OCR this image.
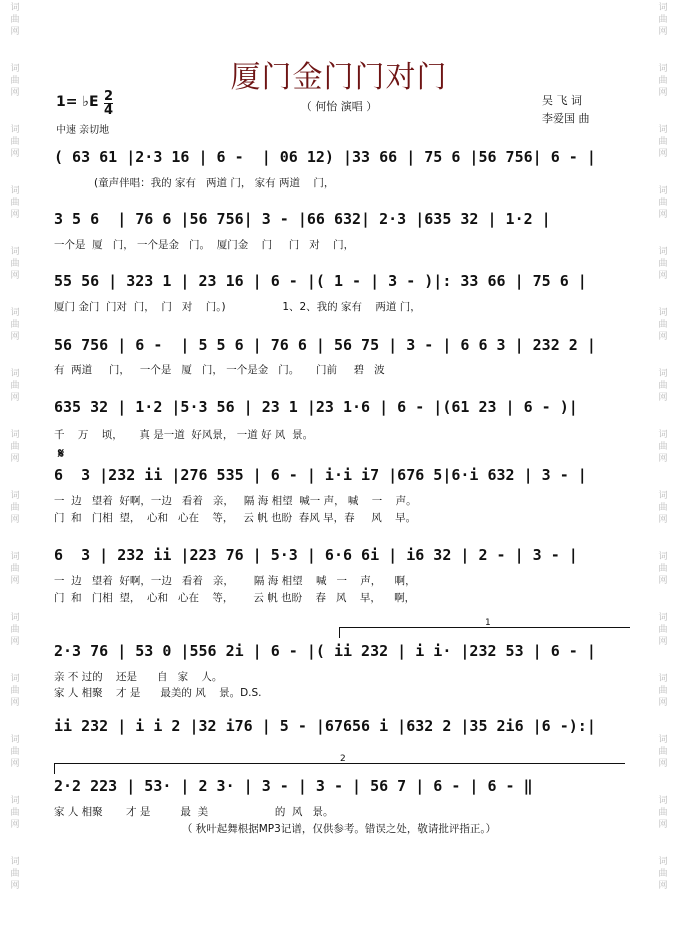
词
曲
网
词
曲
网
词
曲
网
词
曲
网
词
曲
网
词
曲
网
词
曲
网
词
曲
网
词
曲
网
词
曲
网
词
曲
网
词
曲
网
词
曲
网
词
曲
网
词
曲
网
词
曲
网
词
曲
网
词
曲
网
词
曲
网
词
曲
网
词
曲
网
词
曲
网
词
曲
网
词
曲
网
词
曲
网
词
曲
网
词
曲
网
词
曲
网
词
曲
网
词
曲
网
厦门金门门对门
（ 何怡 演唱 ）
1= ♭E 2
4
中速 亲切地
吴 飞 词
李爱国 曲
( 63 61 |2·3 16 | 6 -  | 06 12) |33 66 | 75 6 |56 756| 6 - |
(童声伴唱：我的 家有   两道 门， 家有 两道    门，
3 5 6  | 76 6 |56 756| 3 - |66 632| 2·3 |635 32 | 1·2 |
一个是  厦   门， 一个是金   门。  厦门金    门     门   对    门，
55 56 | 323 1 | 23 16 | 6 - |( 1 - | 3 - )|: 33 66 | 75 6 |
厦门 金门  门对  门，  门   对    门。)                 1、2、我的 家有    两道 门，
56 756 | 6 -  | 5 5 6 | 76 6 | 56 75 | 3 - | 6 6 3 | 232 2 |
有  两道     门，   一个是   厦   门， 一个是金   门。     门前     碧   波
635 32 | 1·2 |5·3 56 | 23 1 |23 1·6 | 6 - |(61 23 | 6 - )|
千    万    顷，     真 是一道  好风景， 一道 好 风  景。
𝄋
6  3 |232 ii |276 535 | 6 - | i·i i7 |676 5|6·i 632 | 3 - |
一  边   望着  好啊，一边   看着   亲，   隔 海 相望  喊一 声， 喊    一    声。
门  和   门相  望，  心和   心在    等，   云 帆 也盼  春风 早，春     风    早。
6  3 | 232 ii |223 76 | 5·3 | 6·6 6i | i6 32 | 2 - | 3 - |
一  边   望着  好啊，一边   看着   亲，      隔 海 相望    喊   一    声，    啊，
门  和   门相  望，  心和   心在    等，      云 帆 也盼    春   风    早，    啊，
1
2·3 76 | 53 0 |556 2i | 6 - |( ii 232 | i i· |232 53 | 6 - |
亲 不 过的    还是      自   家    人。
家 人 相聚    才 是      最美的 风    景。D.S.
ii 232 | i i 2 |32 i76 | 5 - |67656 i |632 2 |35 2i6 |6 -):|
2
2·2 223 | 53· | 2 3· | 3 - | 3 - | 56 7 | 6 - | 6 - ‖
家 人 相聚       才 是         最  美                    的  风   景。
（ 秋叶起舞根据MP3记谱，仅供参考。错误之处，敬请批评指正。）
